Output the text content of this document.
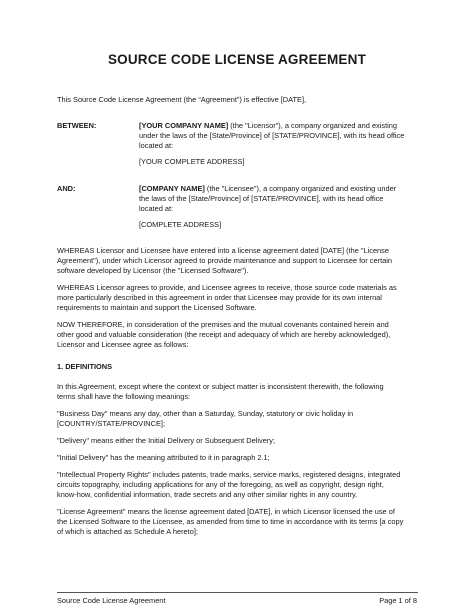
SOURCE CODE LICENSE AGREEMENT
This Source Code License Agreement (the “Agreement”) is effective [DATE],
BETWEEN:	[YOUR COMPANY NAME] (the "Licensor"), a company organized and existing
under the laws of the [State/Province] of [STATE/PROVINCE], with its head office
located at:
[YOUR COMPLETE ADDRESS]
AND:	[COMPANY NAME] (the "Licensee"), a company organized and existing under
the laws of the [State/Province] of [STATE/PROVINCE], with its head office
located at:
[COMPLETE ADDRESS]
WHEREAS Licensor and Licensee have entered into a license agreement dated [DATE] (the "License
Agreement"), under which Licensor agreed to provide maintenance and support to Licensee for certain
software developed by Licensor (the "Licensed Software").
WHEREAS Licensor agrees to provide, and Licensee agrees to receive, those source code materials as
more particularly described in this agreement in order that Licensee may provide for its own internal
requirements to maintain and support the Licensed Software.
NOW THEREFORE, in consideration of the premises and the mutual covenants contained herein and
other good and valuable consideration (the receipt and adequacy of which are hereby acknowledged),
Licensor and Licensee agree as follows:
1. DEFINITIONS
In this Agreement, except where the context or subject matter is inconsistent therewith, the following
terms shall have the following meanings:
"Business Day" means any day, other than a Saturday, Sunday, statutory or civic holiday in
[COUNTRY/STATE/PROVINCE];
"Delivery" means either the Initial Delivery or Subsequent Delivery;
"Initial Delivery" has the meaning attributed to it in paragraph 2.1;
"Intellectual Property Rights" includes patents, trade marks, service marks, registered designs, integrated
circuits topography, including applications for any of the foregoing, as well as copyright, design right,
know-how, confidential information, trade secrets and any other similar rights in any country.
"License Agreement" means the license agreement dated [DATE], in which Licensor licensed the use of
the Licensed Software to the Licensee, as amended from time to time in accordance with its terms [a copy
of which is attached as Schedule A hereto];
Source Code License Agreement	Page 1 of 8
